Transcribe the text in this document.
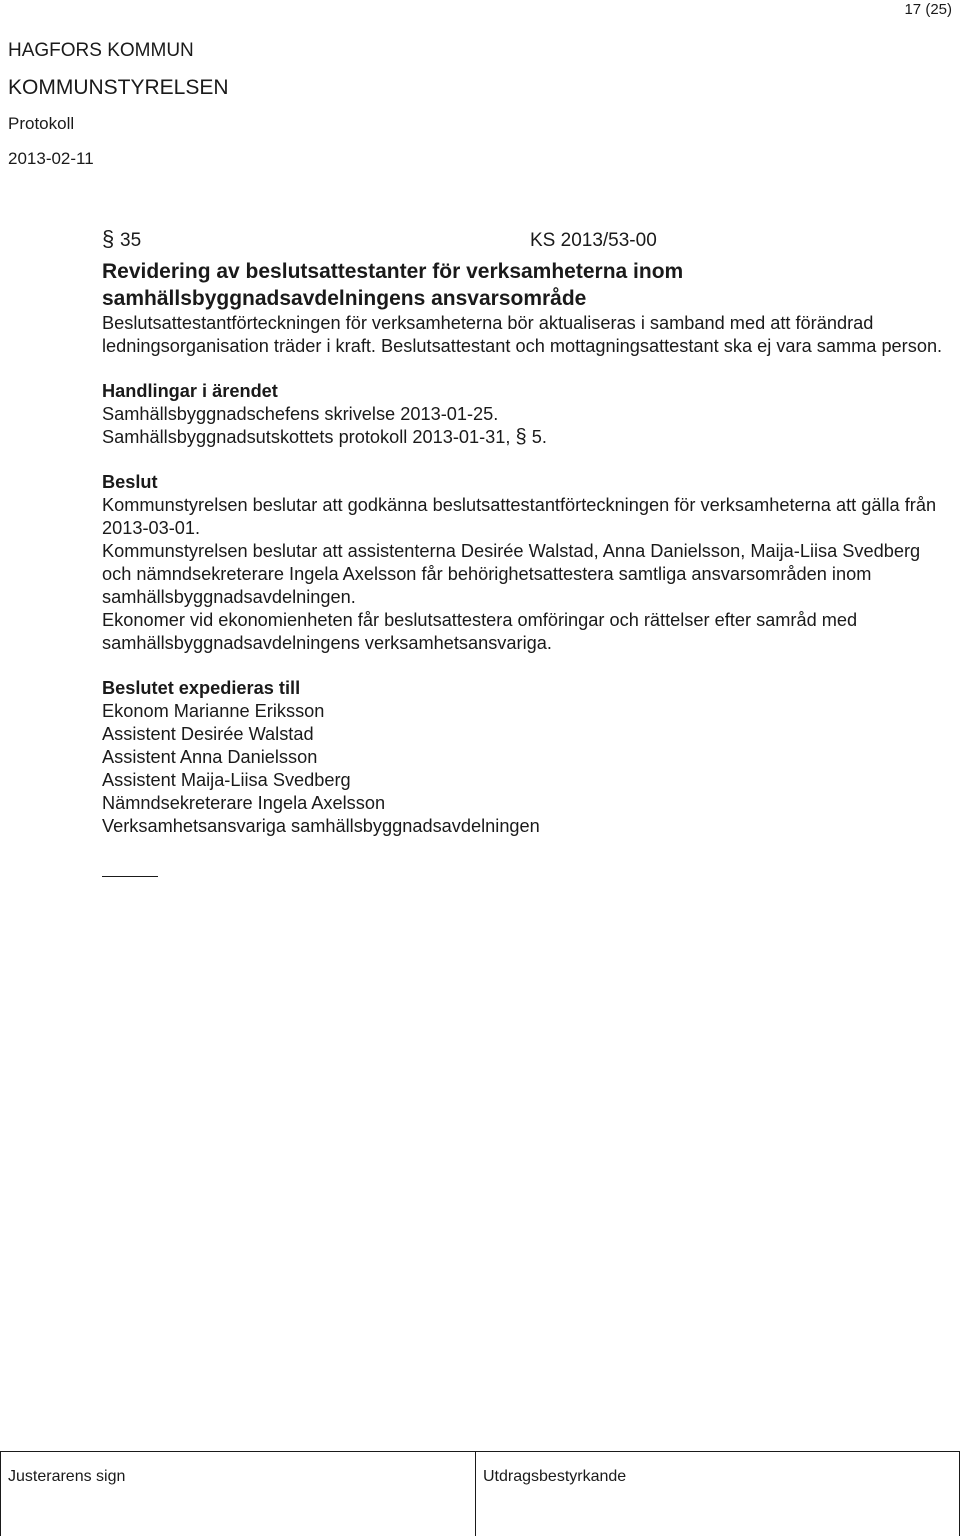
17 (25)
HAGFORS KOMMUN
KOMMUNSTYRELSEN
Protokoll
2013-02-11
§ 35	KS 2013/53-00

Revidering av beslutsattestanter för verksamheterna inom samhällsbyggnadsavdelningens ansvarsområde

Beslutsattestantförteckningen för verksamheterna bör aktualiseras i samband med att förändrad ledningsorganisation träder i kraft. Beslutsattestant och mottagningsattestant ska ej vara samma person.

Handlingar i ärendet

Samhällsbyggnadschefens skrivelse 2013-01-25.

Samhällsbyggnadsutskottets protokoll 2013-01-31, § 5.

Beslut

Kommunstyrelsen beslutar att godkänna beslutsattestantförteckningen för verksamheterna att gälla från 2013-03-01.

Kommunstyrelsen beslutar att assistenterna Desirée Walstad, Anna Danielsson, Maija-Liisa Svedberg och nämndsekreterare Ingela Axelsson får behörighetsattestera samtliga ansvarsområden inom samhällsbyggnadsavdelningen.

Ekonomer vid ekonomienheten får beslutsattestera omföringar och rättelser efter samråd med samhällsbyggnadsavdelningens verksamhetsansvariga.

Beslutet expedieras till

Ekonom Marianne Eriksson

Assistent Desirée Walstad

Assistent Anna Danielsson

Assistent Maija-Liisa Svedberg

Nämndsekreterare Ingela Axelsson

Verksamhetsansvariga samhällsbyggnadsavdelningen

Justerarens sign	Utdragsbestyrkande
